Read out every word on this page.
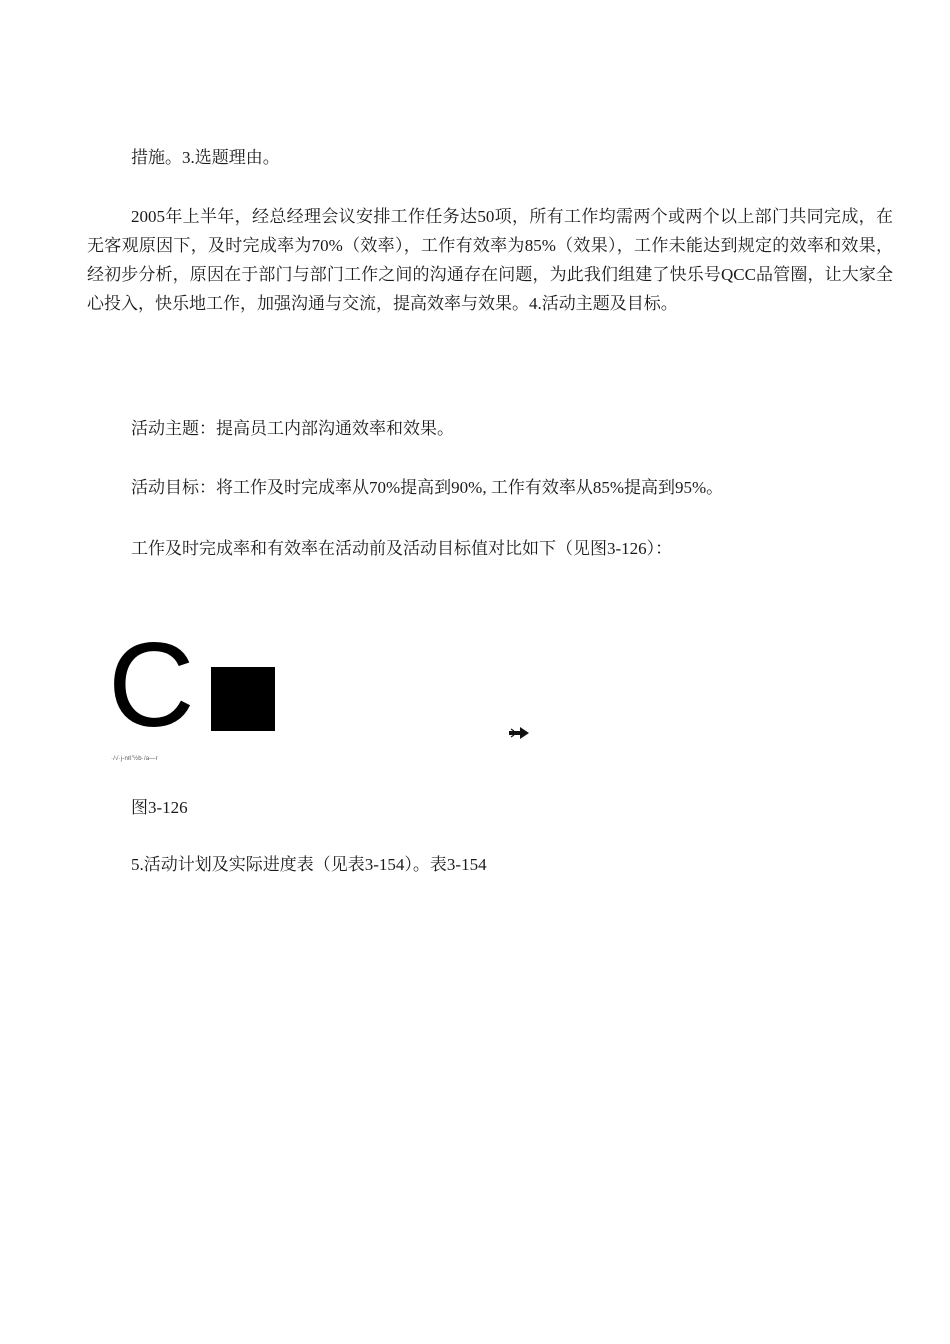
措施。3.选题理由。

2005年上半年，经总经理会议安排工作任务达50项，所有工作均需两个或两个以上部门共同完成，在无客观原因下，及时完成率为70%（效率），工作有效率为85%（效果），工作未能达到规定的效率和效果，经初步分析，原因在于部门与部门工作之间的沟通存在问题，为此我们组建了快乐号QCC品管圈，让大家全心投入，快乐地工作，加强沟通与交流，提高效率与效果。4.活动主题及目标。

活动主题：提高员工内部沟通效率和效果。

活动目标：将工作及时完成率从70%提高到90%, 工作有效率从85%提高到95%。

工作及时完成率和有效率在活动前及活动目标值对比如下（见图3-126）：

C
·/√·j-nℓl'½b·/a—r

图3-126

5.活动计划及实际进度表（见表3-154）。表3-154
